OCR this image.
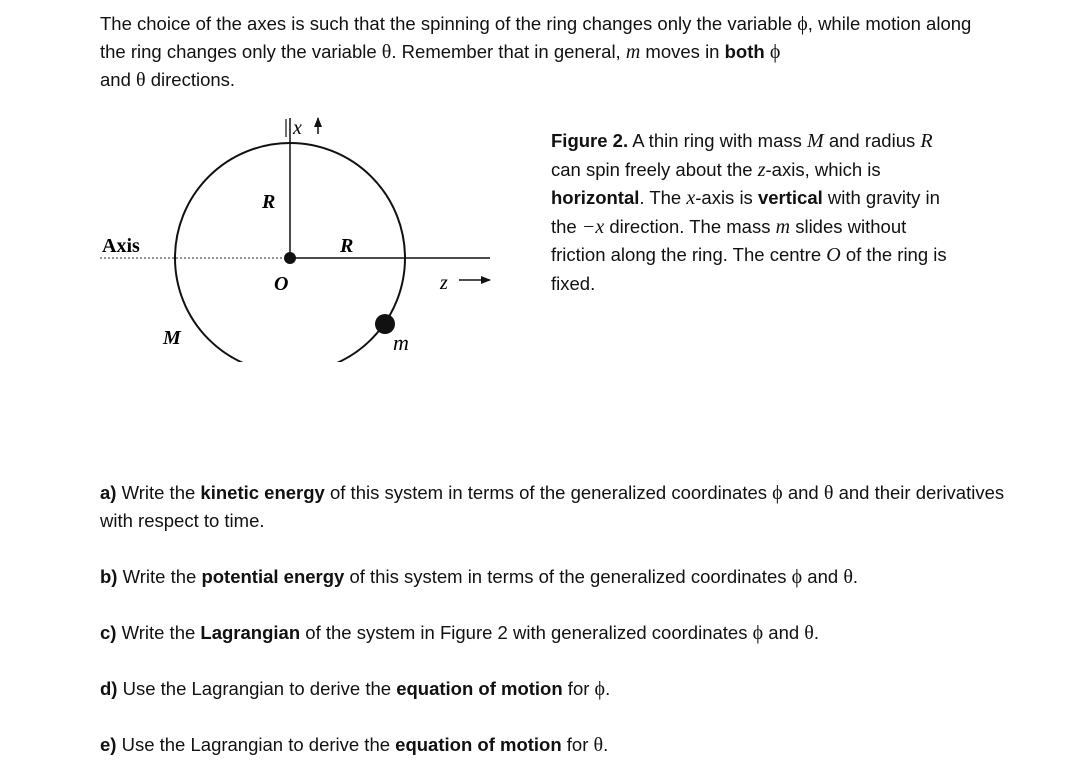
The choice of the axes is such that the spinning of the ring changes only the variable ϕ, while motion along the ring changes only the variable θ. Remember that in general, m moves in both ϕ
and θ directions.

x
R
R
Axis
O	z
M	m

Figure 2. A thin ring with mass M and radius R can spin freely about the z-axis, which is horizontal. The x-axis is vertical with gravity in the −x direction. The mass m slides without friction along the ring. The centre O of the ring is fixed.

a) Write the kinetic energy of this system in terms of the generalized coordinates ϕ and θ and their derivatives with respect to time.

b) Write the potential energy of this system in terms of the generalized coordinates ϕ and θ.

c) Write the Lagrangian of the system in Figure 2 with generalized coordinates ϕ and θ.

d) Use the Lagrangian to derive the equation of motion for ϕ.

e) Use the Lagrangian to derive the equation of motion for θ.
